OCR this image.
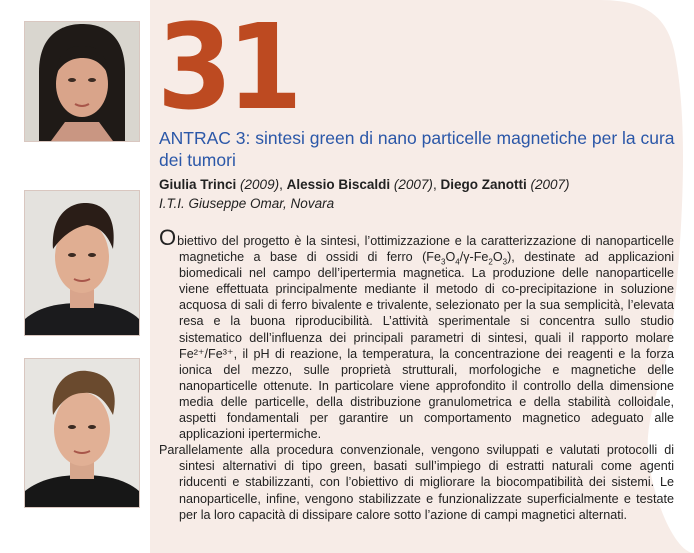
31
ANTRAC 3: sintesi green di nano particelle magnetiche per la cura dei tumori
Giulia Trinci (2009), Alessio Biscaldi (2007), Diego Zanotti (2007)
I.T.I. Giuseppe Omar, Novara
Obiettivo del progetto è la sintesi, l’ottimizzazione e la caratterizzazione di nanoparticelle magnetiche a base di ossidi di ferro $(Fe_3O_4/\gamma-Fe_2O_3)$, destinate ad applicazioni biomedicali nel campo dell’ipertermia magnetica. La produzione delle nanoparticelle viene effettuata principalmente mediante il metodo di co-precipitazione in soluzione acquosa di sali di ferro bivalente e trivalente, selezionato per la sua semplicità, l’elevata resa e la buona riproducibilità. L’attività sperimentale si concentra sullo studio sistematico dell’influenza dei principali parametri di sintesi, quali il rapporto molare Fe²⁺/Fe³⁺, il pH di reazione, la temperatura, la concentrazione dei reagenti e la forza ionica del mezzo, sulle proprietà strutturali, morfologiche e magnetiche delle nanoparticelle ottenute. In particolare viene approfondito il controllo della dimensione media delle particelle, della distribuzione granulometrica e della stabilità colloidale, aspetti fondamentali per garantire un comportamento magnetico adeguato alle applicazioni ipertermiche.
Parallelamente alla procedura convenzionale, vengono sviluppati e valutati protocolli di sintesi alternativi di tipo green, basati sull’impiego di estratti naturali come agenti riducenti e stabilizzanti, con l’obiettivo di migliorare la biocompatibilità dei sistemi. Le nanoparticelle, infine, vengono stabilizzate e funzionalizzate superficialmente e testate per la loro capacità di dissipare calore sotto l’azione di campi magnetici alternati.
